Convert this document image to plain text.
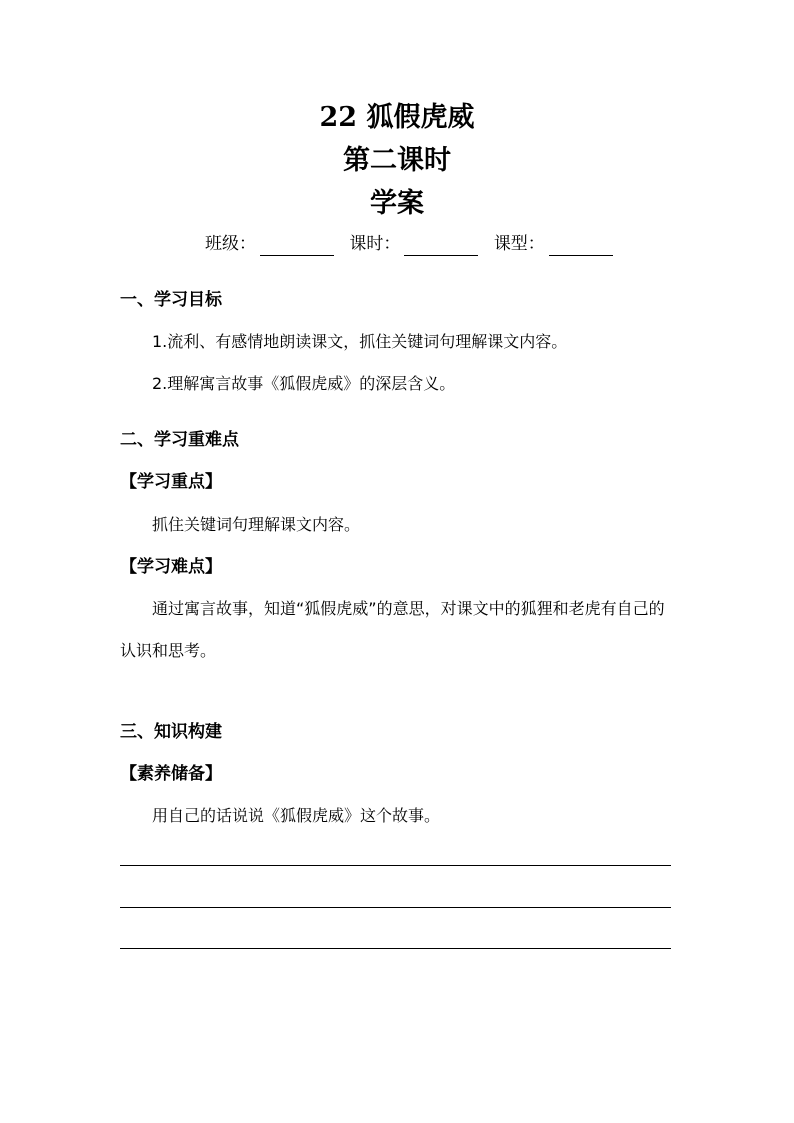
22 狐假虎威
第二课时
学案
班级：	课时：	课型：
一、学习目标
1.流利、有感情地朗读课文，抓住关键词句理解课文内容。
2.理解寓言故事《狐假虎威》的深层含义。
二、学习重难点
【学习重点】
抓住关键词句理解课文内容。
【学习难点】
通过寓言故事，知道“狐假虎威”的意思，对课文中的狐狸和老虎有自己的认识和思考。
三、知识构建
【素养储备】
用自己的话说说《狐假虎威》这个故事。
